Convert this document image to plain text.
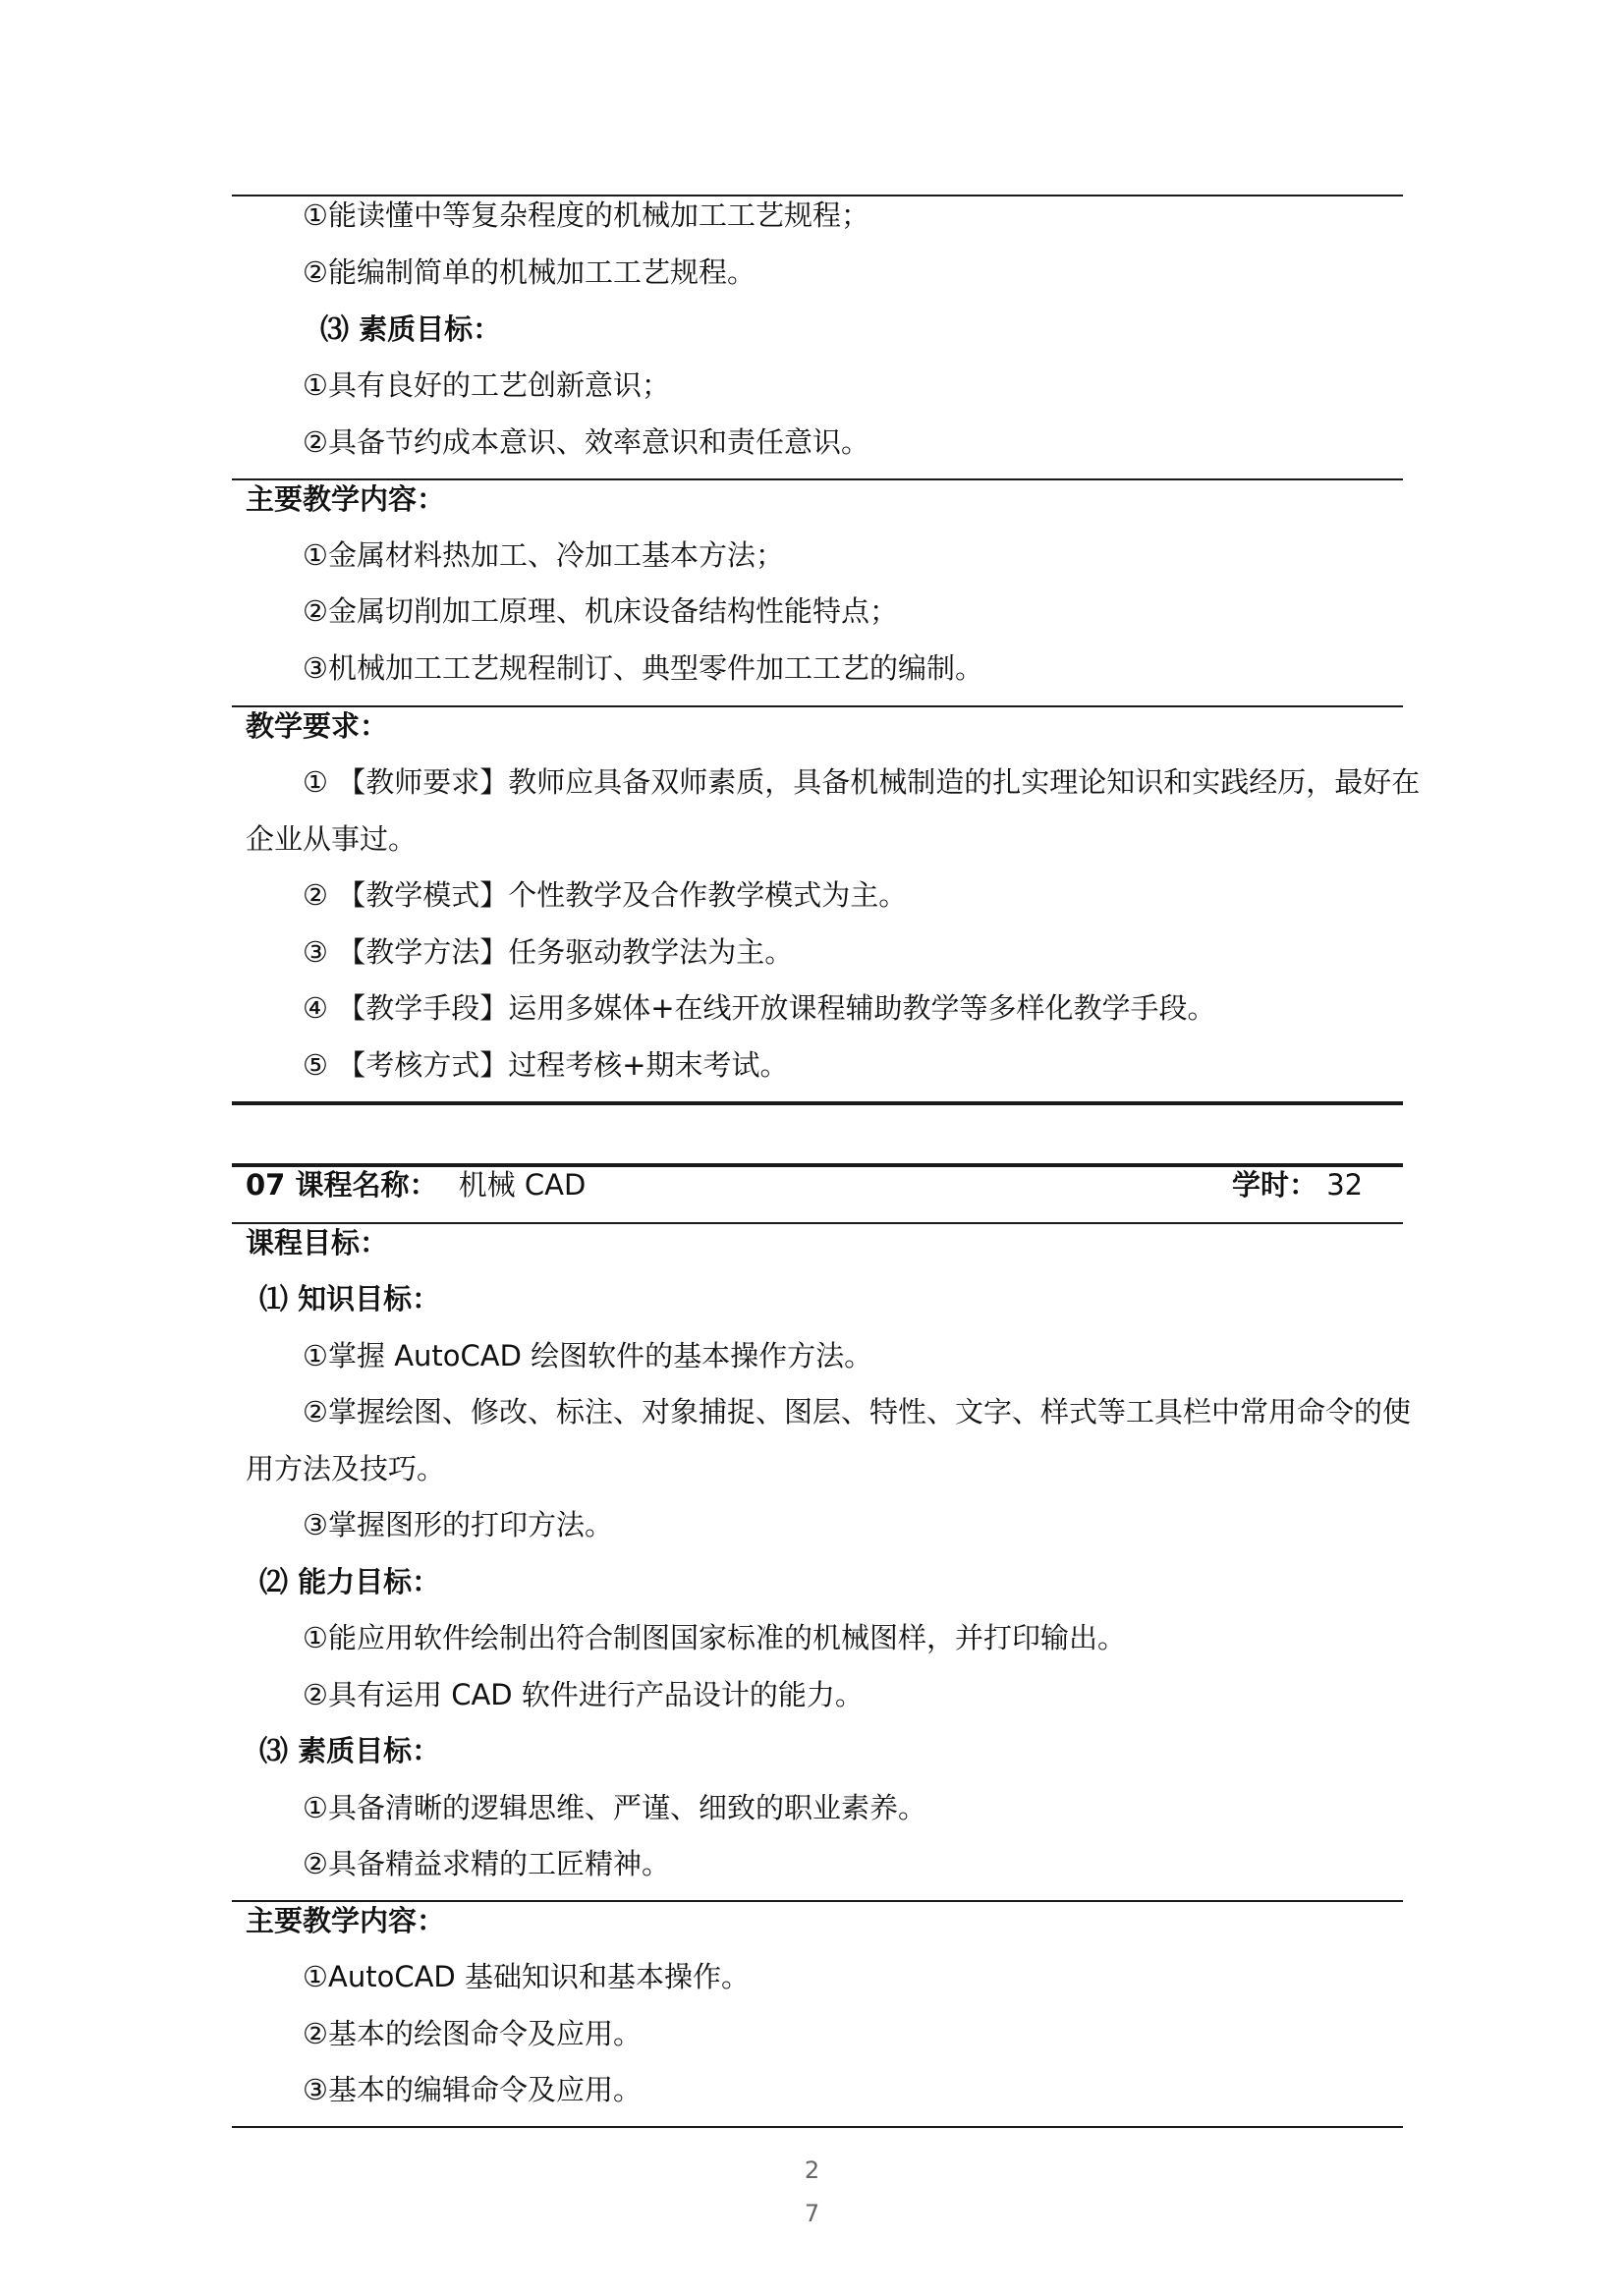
①能读懂中等复杂程度的机械加工工艺规程；
②能编制简单的机械加工工艺规程。
⑶ 素质目标：
①具有良好的工艺创新意识；
②具备节约成本意识、效率意识和责任意识。
主要教学内容：
①金属材料热加工、冷加工基本方法；
②金属切削加工原理、机床设备结构性能特点；
③机械加工工艺规程制订、典型零件加工工艺的编制。
教学要求：
① 【教师要求】教师应具备双师素质，具备机械制造的扎实理论知识和实践经历，最好在
企业从事过。
② 【教学模式】个性教学及合作教学模式为主。
③ 【教学方法】任务驱动教学法为主。
④ 【教学手段】运用多媒体+在线开放课程辅助教学等多样化教学手段。
⑤ 【考核方式】过程考核+期末考试。
07 课程名称： 机械 CAD	学时： 32
课程目标：
⑴ 知识目标：
①掌握 AutoCAD 绘图软件的基本操作方法。
②掌握绘图、修改、标注、对象捕捉、图层、特性、文字、样式等工具栏中常用命令的使
用方法及技巧。
③掌握图形的打印方法。
⑵ 能力目标：
①能应用软件绘制出符合制图国家标准的机械图样，并打印输出。
②具有运用 CAD 软件进行产品设计的能力。
⑶ 素质目标：
①具备清晰的逻辑思维、严谨、细致的职业素养。
②具备精益求精的工匠精神。
主要教学内容：
①AutoCAD 基础知识和基本操作。
②基本的绘图命令及应用。
③基本的编辑命令及应用。
2
7
